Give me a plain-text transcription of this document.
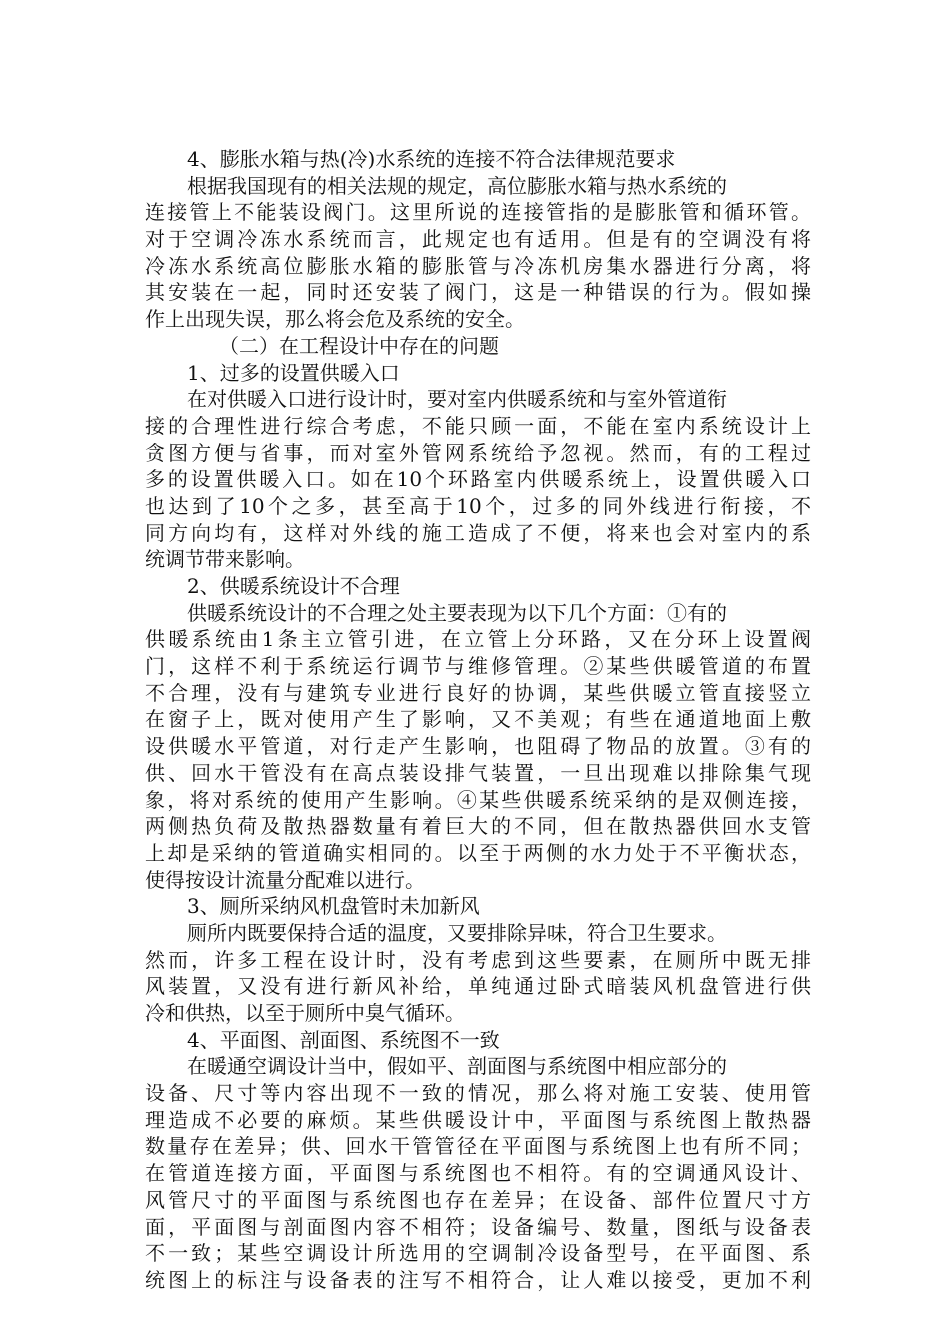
4、膨胀水箱与热(冷)水系统的连接不符合法律规范要求
根据我国现有的相关法规的规定，高位膨胀水箱与热水系统的
连接管上不能装设阀门。这里所说的连接管指的是膨胀管和循环管。
对于空调冷冻水系统而言，此规定也有适用。但是有的空调没有将
冷冻水系统高位膨胀水箱的膨胀管与冷冻机房集水器进行分离，将
其安装在一起，同时还安装了阀门，这是一种错误的行为。假如操
作上出现失误，那么将会危及系统的安全。
（二）在工程设计中存在的问题
1、过多的设置供暖入口
在对供暖入口进行设计时，要对室内供暖系统和与室外管道衔
接的合理性进行综合考虑，不能只顾一面，不能在室内系统设计上
贪图方便与省事，而对室外管网系统给予忽视。然而，有的工程过
多的设置供暖入口。如在10个环路室内供暖系统上，设置供暖入口
也达到了10个之多，甚至高于10个，过多的同外线进行衔接，不
同方向均有，这样对外线的施工造成了不便，将来也会对室内的系
统调节带来影响。
2、供暖系统设计不合理
供暖系统设计的不合理之处主要表现为以下几个方面：①有的
供暖系统由1条主立管引进，在立管上分环路，又在分环上设置阀
门，这样不利于系统运行调节与维修管理。②某些供暖管道的布置
不合理，没有与建筑专业进行良好的协调，某些供暖立管直接竖立
在窗子上，既对使用产生了影响，又不美观；有些在通道地面上敷
设供暖水平管道，对行走产生影响，也阻碍了物品的放置。③有的
供、回水干管没有在高点装设排气装置，一旦出现难以排除集气现
象，将对系统的使用产生影响。④某些供暖系统采纳的是双侧连接，
两侧热负荷及散热器数量有着巨大的不同，但在散热器供回水支管
上却是采纳的管道确实相同的。以至于两侧的水力处于不平衡状态，
使得按设计流量分配难以进行。
3、厕所采纳风机盘管时未加新风
厕所内既要保持合适的温度，又要排除异味，符合卫生要求。
然而，许多工程在设计时，没有考虑到这些要素，在厕所中既无排
风装置，又没有进行新风补给，单纯通过卧式暗装风机盘管进行供
冷和供热，以至于厕所中臭气循环。
4、平面图、剖面图、系统图不一致
在暖通空调设计当中，假如平、剖面图与系统图中相应部分的
设备、尺寸等内容出现不一致的情况，那么将对施工安装、使用管
理造成不必要的麻烦。某些供暖设计中，平面图与系统图上散热器
数量存在差异；供、回水干管管径在平面图与系统图上也有所不同；
在管道连接方面，平面图与系统图也不相符。有的空调通风设计、
风管尺寸的平面图与系统图也存在差异；在设备、部件位置尺寸方
面，平面图与剖面图内容不相符；设备编号、数量，图纸与设备表
不一致；某些空调设计所选用的空调制冷设备型号，在平面图、系
统图上的标注与设备表的注写不相符合，让人难以接受，更加不利
